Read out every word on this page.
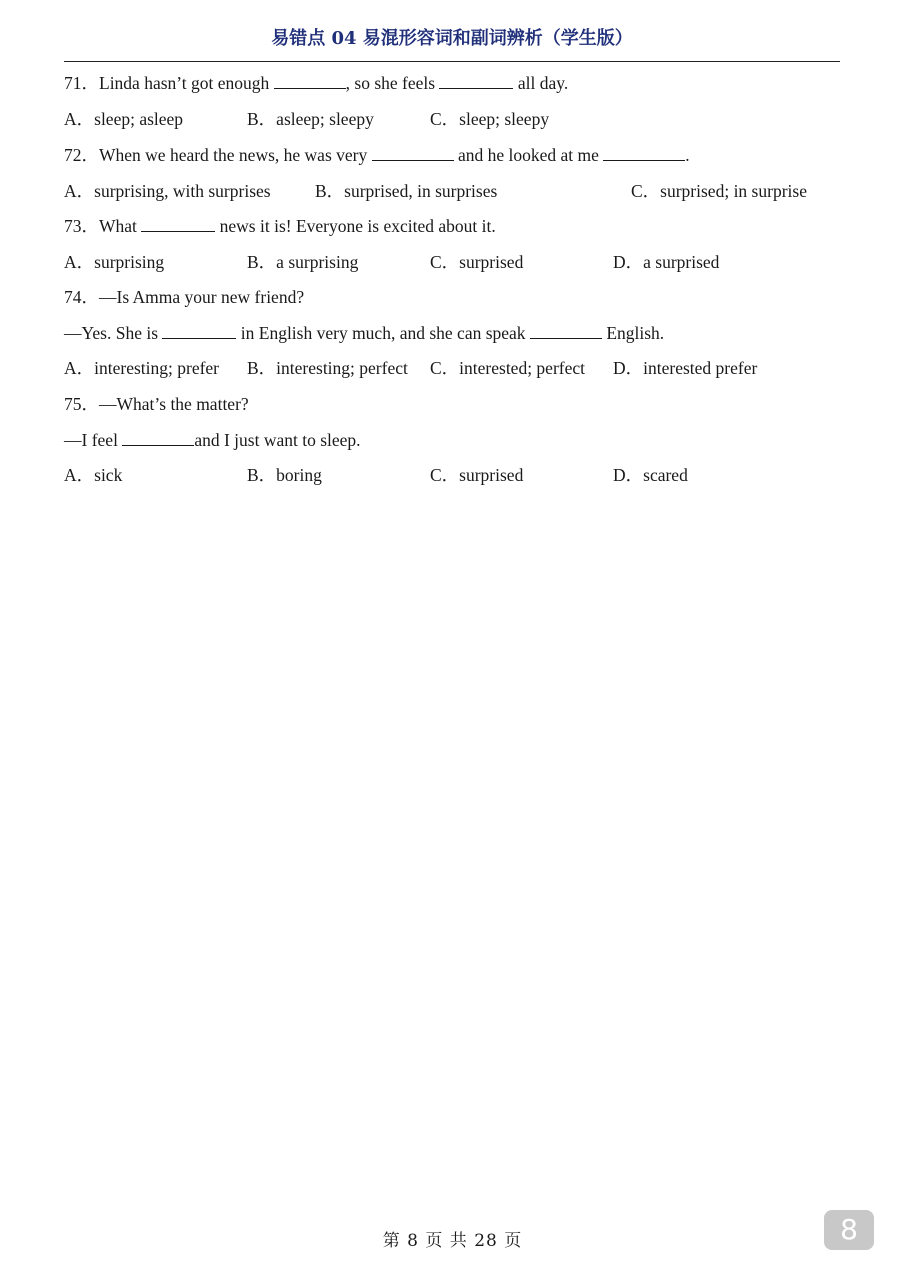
易错点 04 易混形容词和副词辨析（学生版）
71．Linda hasn’t got enough	, so she feels	all day.
A．sleep; asleep	B．asleep; sleepy	C．sleep; sleepy
72．When we heard the news, he was very	and he looked at me	.
A．surprising, with surprises	B．surprised, in surprises	C．surprised; in surprise
73．What	news it is! Everyone is excited about it.
A．surprising	B．a surprising	C．surprised	D．a surprised
74．—Is Amma your new friend?
—Yes. She is	in English very much, and she can speak	English.
A．interesting; prefer B．interesting; perfect C．interested; perfect D．interested prefer
75．—What’s the matter?
—I feel	and I just want to sleep.
A．sick	B．boring	C．surprised	D．scared
第 8 页 共 28 页	8
